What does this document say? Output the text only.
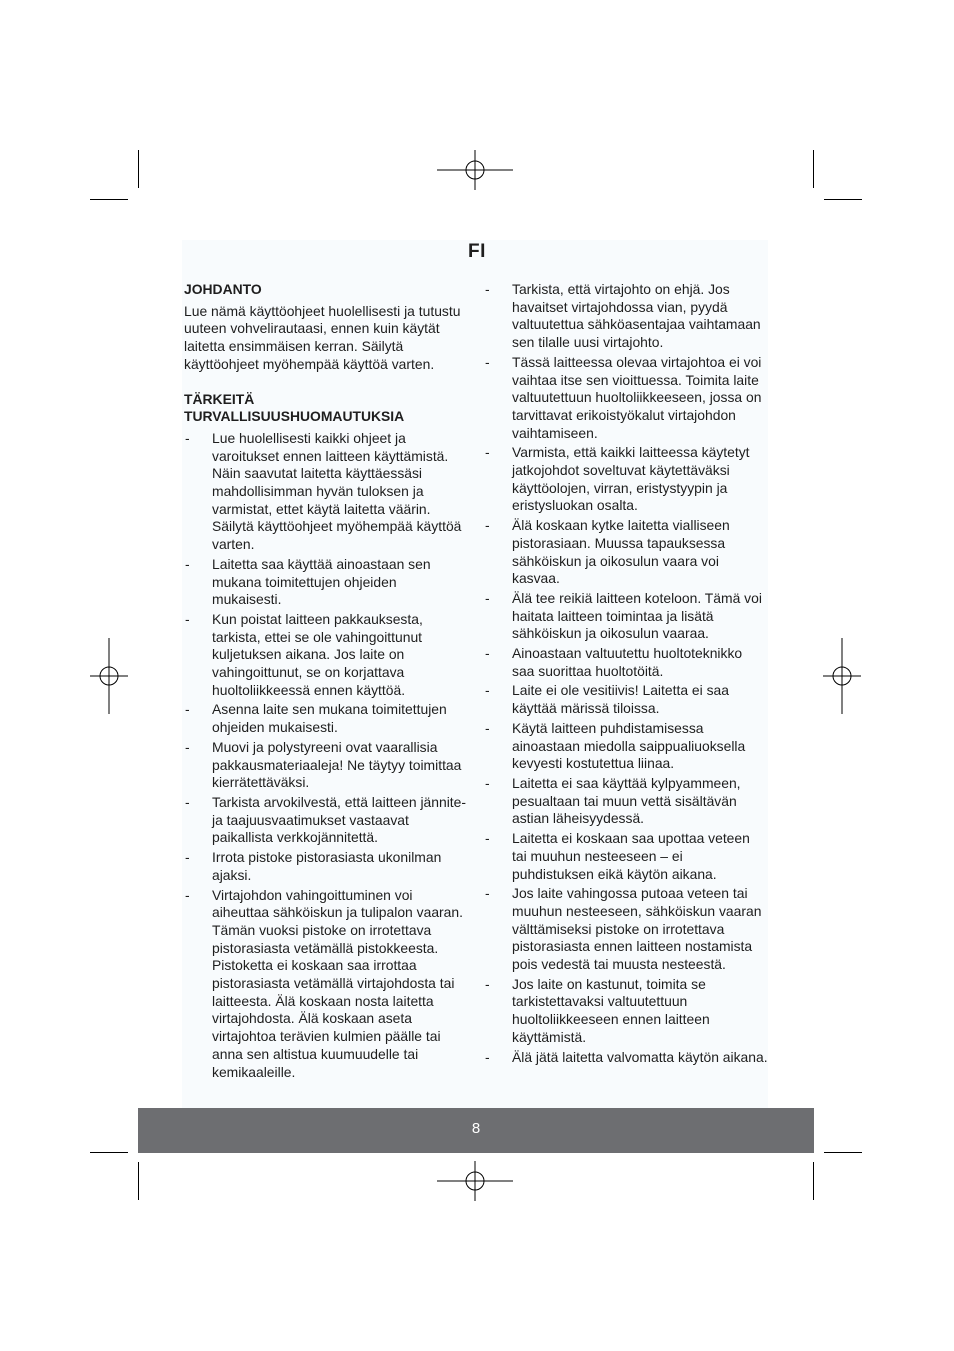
FI
JOHDANTO
Lue nämä käyttöohjeet huolellisesti ja tutustu uuteen vohvelirautaasi, ennen kuin käytät laitetta ensimmäisen kerran. Säilytä käyttöohjeet myöhempää käyttöä varten.
TÄRKEITÄ
TURVALLISUUSHUOMAUTUKSIA
- Lue huolellisesti kaikki ohjeet ja varoitukset ennen laitteen käyttämistä. Näin saavutat laitetta käyttäessäsi mahdollisimman hyvän tuloksen ja varmistat, ettet käytä laitetta väärin. Säilytä käyttöohjeet myöhempää käyttöä varten.
- Laitetta saa käyttää ainoastaan sen mukana toimitettujen ohjeiden mukaisesti.
- Kun poistat laitteen pakkauksesta, tarkista, ettei se ole vahingoittunut kuljetuksen aikana. Jos laite on vahingoittunut, se on korjattava huoltoliikkeessä ennen käyttöä.
- Asenna laite sen mukana toimitettujen ohjeiden mukaisesti.
- Muovi ja polystyreeni ovat vaarallisia pakkausmateriaaleja! Ne täytyy toimittaa kierrätettäväksi.
- Tarkista arvokilvestä, että laitteen jännite- ja taajuusvaatimukset vastaavat paikallista verkkojännitettä.
- Irrota pistoke pistorasiasta ukonilman ajaksi.
- Virtajohdon vahingoittuminen voi aiheuttaa sähköiskun ja tulipalon vaaran. Tämän vuoksi pistoke on irrotettava pistorasiasta vetämällä pistokkeesta. Pistoketta ei koskaan saa irrottaa pistorasiasta vetämällä virtajohdosta tai laitteesta. Älä koskaan nosta laitetta virtajohdosta. Älä koskaan aseta virtajohtoa terävien kulmien päälle tai anna sen altistua kuumuudelle tai kemikaaleille.
- Tarkista, että virtajohto on ehjä. Jos havaitset virtajohdossa vian, pyydä valtuutettua sähköasentajaa vaihtamaan sen tilalle uusi virtajohto.
- Tässä laitteessa olevaa virtajohtoa ei voi vaihtaa itse sen vioittuessa. Toimita laite valtuutettuun huoltoliikkeeseen, jossa on tarvittavat erikoistyökalut virtajohdon vaihtamiseen.
- Varmista, että kaikki laitteessa käytetyt jatkojohdot soveltuvat käytettäväksi käyttöolojen, virran, eristystyypin ja eristysluokan osalta.
- Älä koskaan kytke laitetta vialliseen pistorasiaan. Muussa tapauksessa sähköiskun ja oikosulun vaara voi kasvaa.
- Älä tee reikiä laitteen koteloon. Tämä voi haitata laitteen toimintaa ja lisätä sähköiskun ja oikosulun vaaraa.
- Ainoastaan valtuutettu huoltoteknikko saa suorittaa huoltotöitä.
- Laite ei ole vesitiivis! Laitetta ei saa käyttää märissä tiloissa.
- Käytä laitteen puhdistamisessa ainoastaan miedolla saippualiuoksella kevyesti kostutettua liinaa.
- Laitetta ei saa käyttää kylpyammeen, pesualtaan tai muun vettä sisältävän astian läheisyydessä.
- Laitetta ei koskaan saa upottaa veteen tai muuhun nesteeseen – ei puhdistuksen eikä käytön aikana.
- Jos laite vahingossa putoaa veteen tai muuhun nesteeseen, sähköiskun vaaran välttämiseksi pistoke on irrotettava pistorasiasta ennen laitteen nostamista pois vedestä tai muusta nesteestä.
- Jos laite on kastunut, toimita se tarkistettavaksi valtuutettuun huoltoliikkeeseen ennen laitteen käyttämistä.
- Älä jätä laitetta valvomatta käytön aikana.
8
